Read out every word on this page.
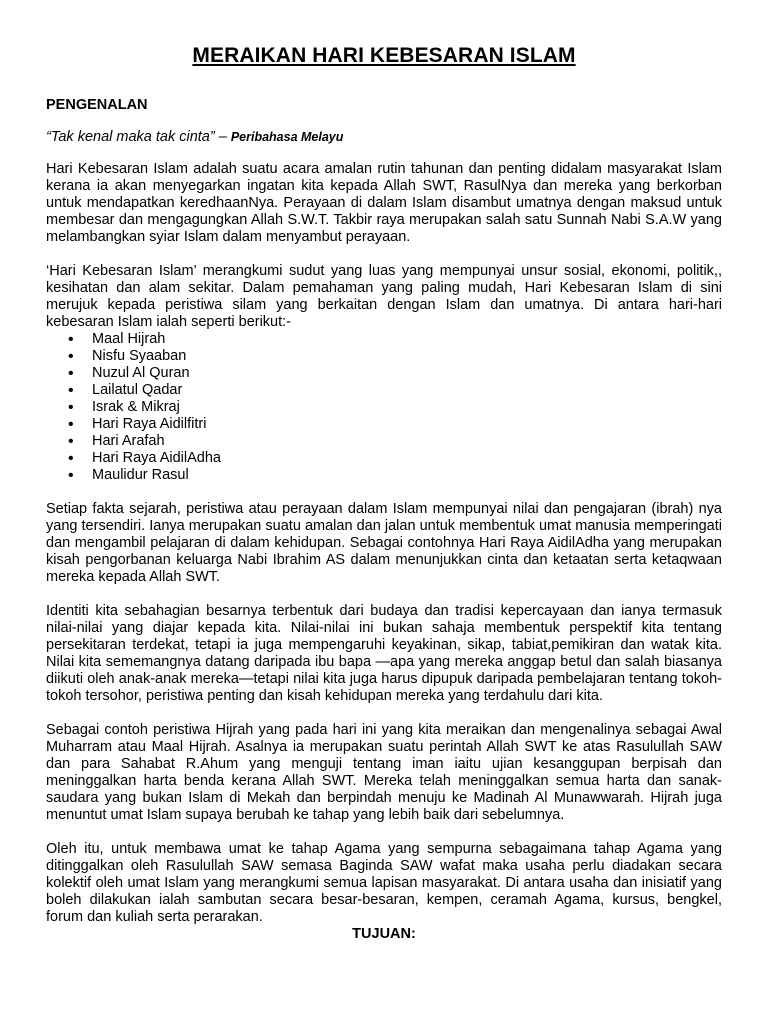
MERAIKAN HARI KEBESARAN ISLAM
PENGENALAN
“Tak kenal maka tak cinta” – Peribahasa Melayu

Hari Kebesaran Islam adalah suatu acara amalan rutin tahunan dan penting didalam masyarakat Islam kerana ia akan menyegarkan ingatan kita kepada Allah SWT, RasulNya dan mereka yang berkorban untuk mendapatkan keredhaanNya. Perayaan di dalam Islam disambut umatnya dengan maksud untuk membesar dan mengagungkan Allah S.W.T. Takbir raya merupakan salah satu Sunnah Nabi S.A.W yang melambangkan syiar Islam dalam menyambut perayaan.

‘Hari Kebesaran Islam’ merangkumi sudut yang luas yang mempunyai unsur sosial, ekonomi, politik,, kesihatan dan alam sekitar. Dalam pemahaman yang paling mudah, Hari Kebesaran Islam di sini merujuk kepada peristiwa silam yang berkaitan dengan Islam dan umatnya. Di antara hari-hari kebesaran Islam ialah seperti berikut:-

• Maal Hijrah
• Nisfu Syaaban
• Nuzul Al Quran
• Lailatul Qadar
• Israk & Mikraj
• Hari Raya Aidilfitri
• Hari Arafah
• Hari Raya AidilAdha
• Maulidur Rasul

Setiap fakta sejarah, peristiwa atau perayaan dalam Islam mempunyai nilai dan pengajaran (ibrah) nya yang tersendiri. Ianya merupakan suatu amalan dan jalan untuk membentuk umat manusia memperingati dan mengambil pelajaran di dalam kehidupan. Sebagai contohnya Hari Raya AidilAdha yang merupakan kisah pengorbanan keluarga Nabi Ibrahim AS dalam menunjukkan cinta dan ketaatan serta ketaqwaan mereka kepada Allah SWT.

Identiti kita sebahagian besarnya terbentuk dari budaya dan tradisi kepercayaan dan ianya termasuk nilai-nilai yang diajar kepada kita. Nilai-nilai ini bukan sahaja membentuk perspektif kita tentang persekitaran terdekat, tetapi ia juga mempengaruhi keyakinan, sikap, tabiat,pemikiran dan watak kita. Nilai kita sememangnya datang daripada ibu bapa —apa yang mereka anggap betul dan salah biasanya diikuti oleh anak-anak mereka—tetapi nilai kita juga harus dipupuk daripada pembelajaran tentang tokoh-tokoh tersohor, peristiwa penting dan kisah kehidupan mereka yang terdahulu dari kita.

Sebagai contoh peristiwa Hijrah yang pada hari ini yang kita meraikan dan mengenalinya sebagai Awal Muharram atau Maal Hijrah. Asalnya ia merupakan suatu perintah Allah SWT ke atas Rasulullah SAW dan para Sahabat R.Ahum yang menguji tentang iman iaitu ujian kesanggupan berpisah dan meninggalkan harta benda kerana Allah SWT. Mereka telah meninggalkan semua harta dan sanak-saudara yang bukan Islam di Mekah dan berpindah menuju ke Madinah Al Munawwarah. Hijrah juga menuntut umat Islam supaya berubah ke tahap yang lebih baik dari sebelumnya.

Oleh itu, untuk membawa umat ke tahap Agama yang sempurna sebagaimana tahap Agama yang ditinggalkan oleh Rasulullah SAW semasa Baginda SAW wafat maka usaha perlu diadakan secara kolektif oleh umat Islam yang merangkumi semua lapisan masyarakat. Di antara usaha dan inisiatif yang boleh dilakukan ialah sambutan secara besar-besaran, kempen, ceramah Agama, kursus, bengkel, forum dan kuliah serta perarakan.

TUJUAN:
